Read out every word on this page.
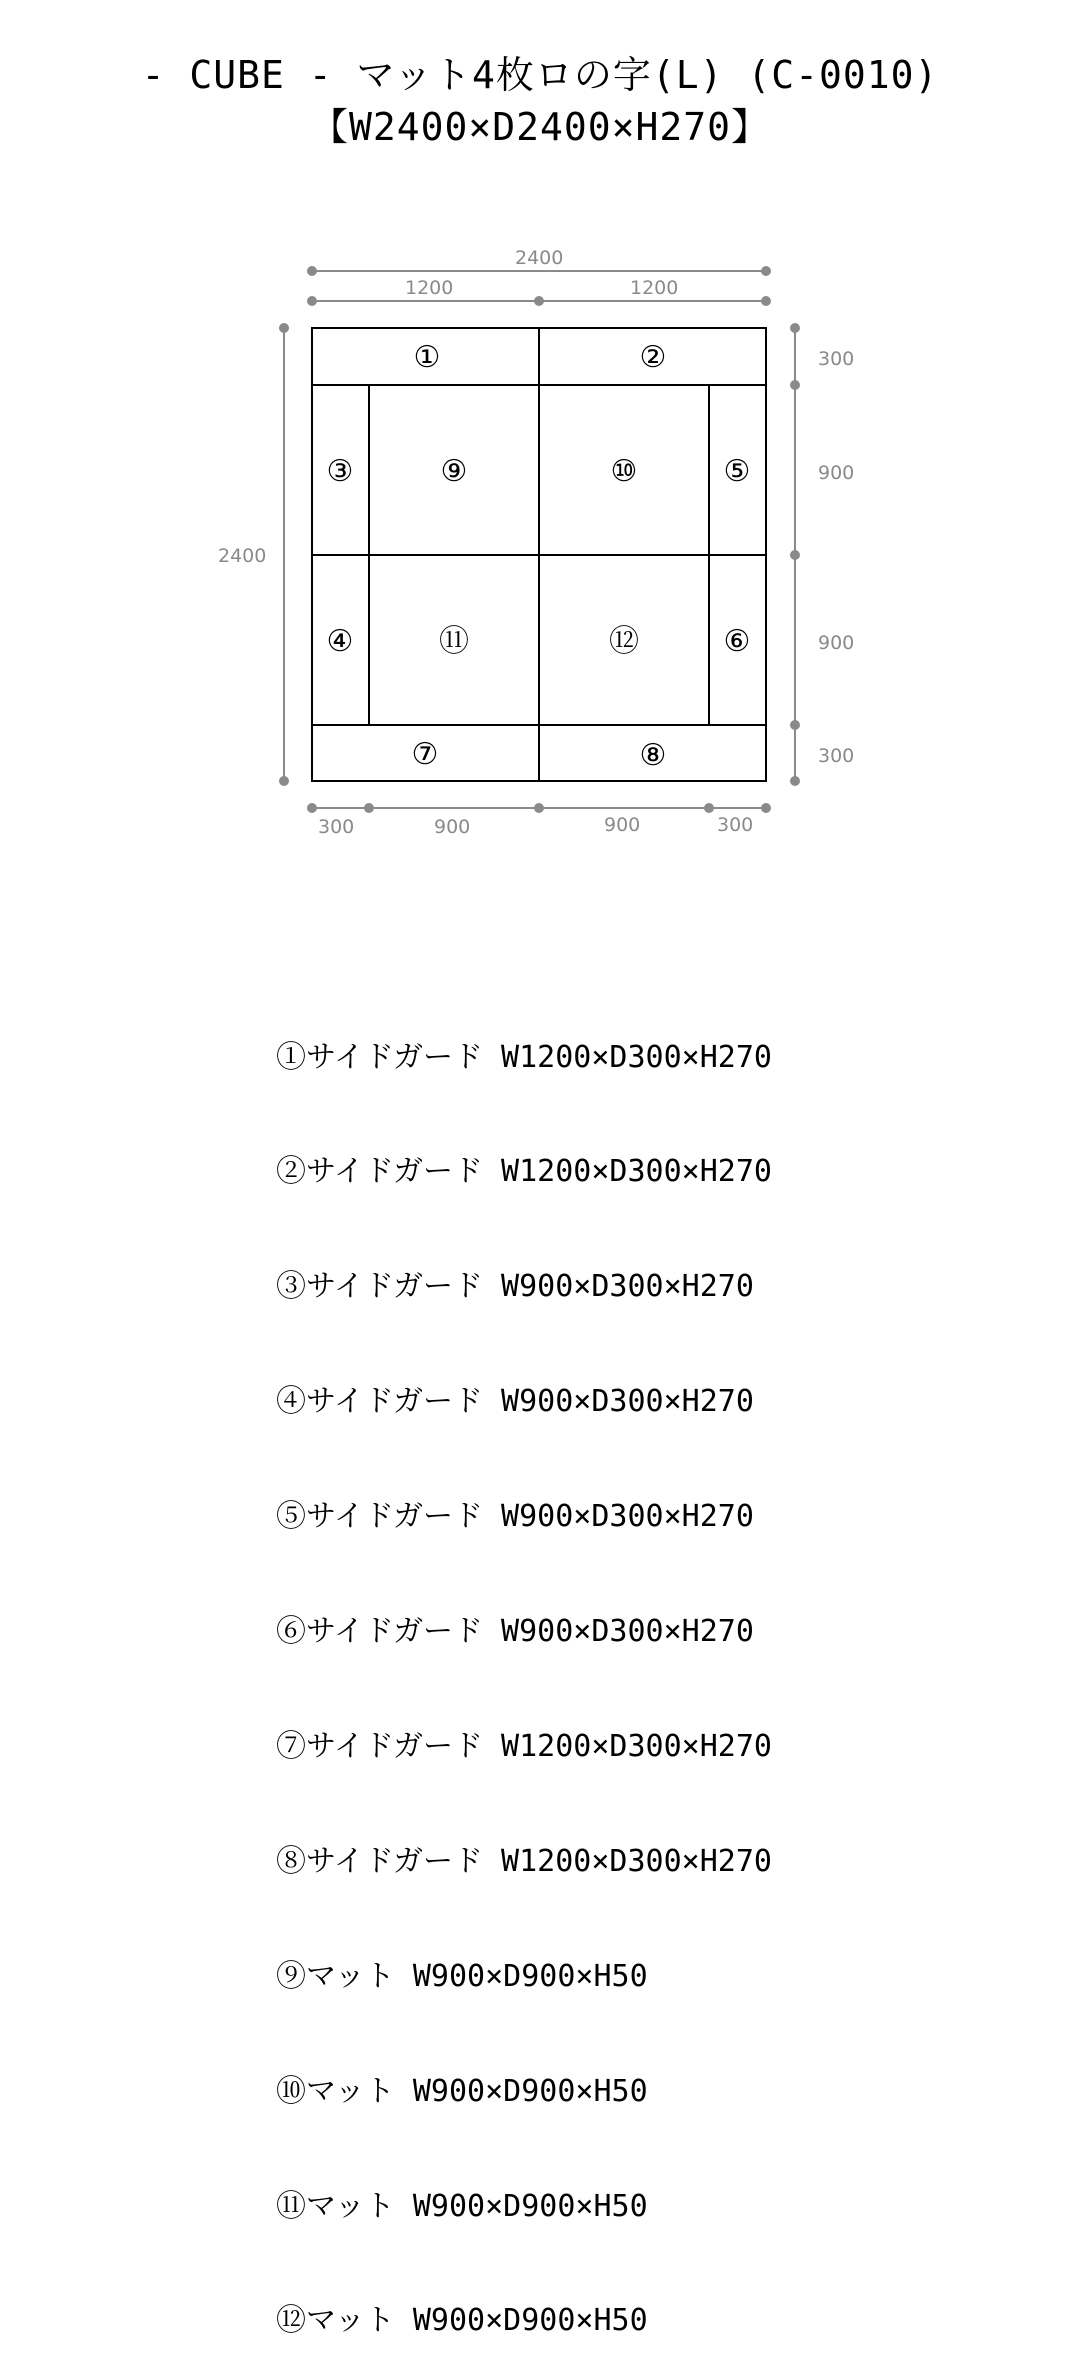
- CUBE - マット4枚ロの字(L) (C-0010)
【W2400×D2400×H270】
2400
1200	1200
2400
300
900
900
300
300	900	900	300
①	②
③
④
⑤
⑥
⑦	⑧
⑨	⑩
⑪	⑫

①サイドガード W1200×D300×H270

②サイドガード W1200×D300×H270

③サイドガード W900×D300×H270

④サイドガード W900×D300×H270

⑤サイドガード W900×D300×H270

⑥サイドガード W900×D300×H270

⑦サイドガード W1200×D300×H270

⑧サイドガード W1200×D300×H270

⑨マット W900×D900×H50

⑩マット W900×D900×H50

⑪マット W900×D900×H50

⑫マット W900×D900×H50
